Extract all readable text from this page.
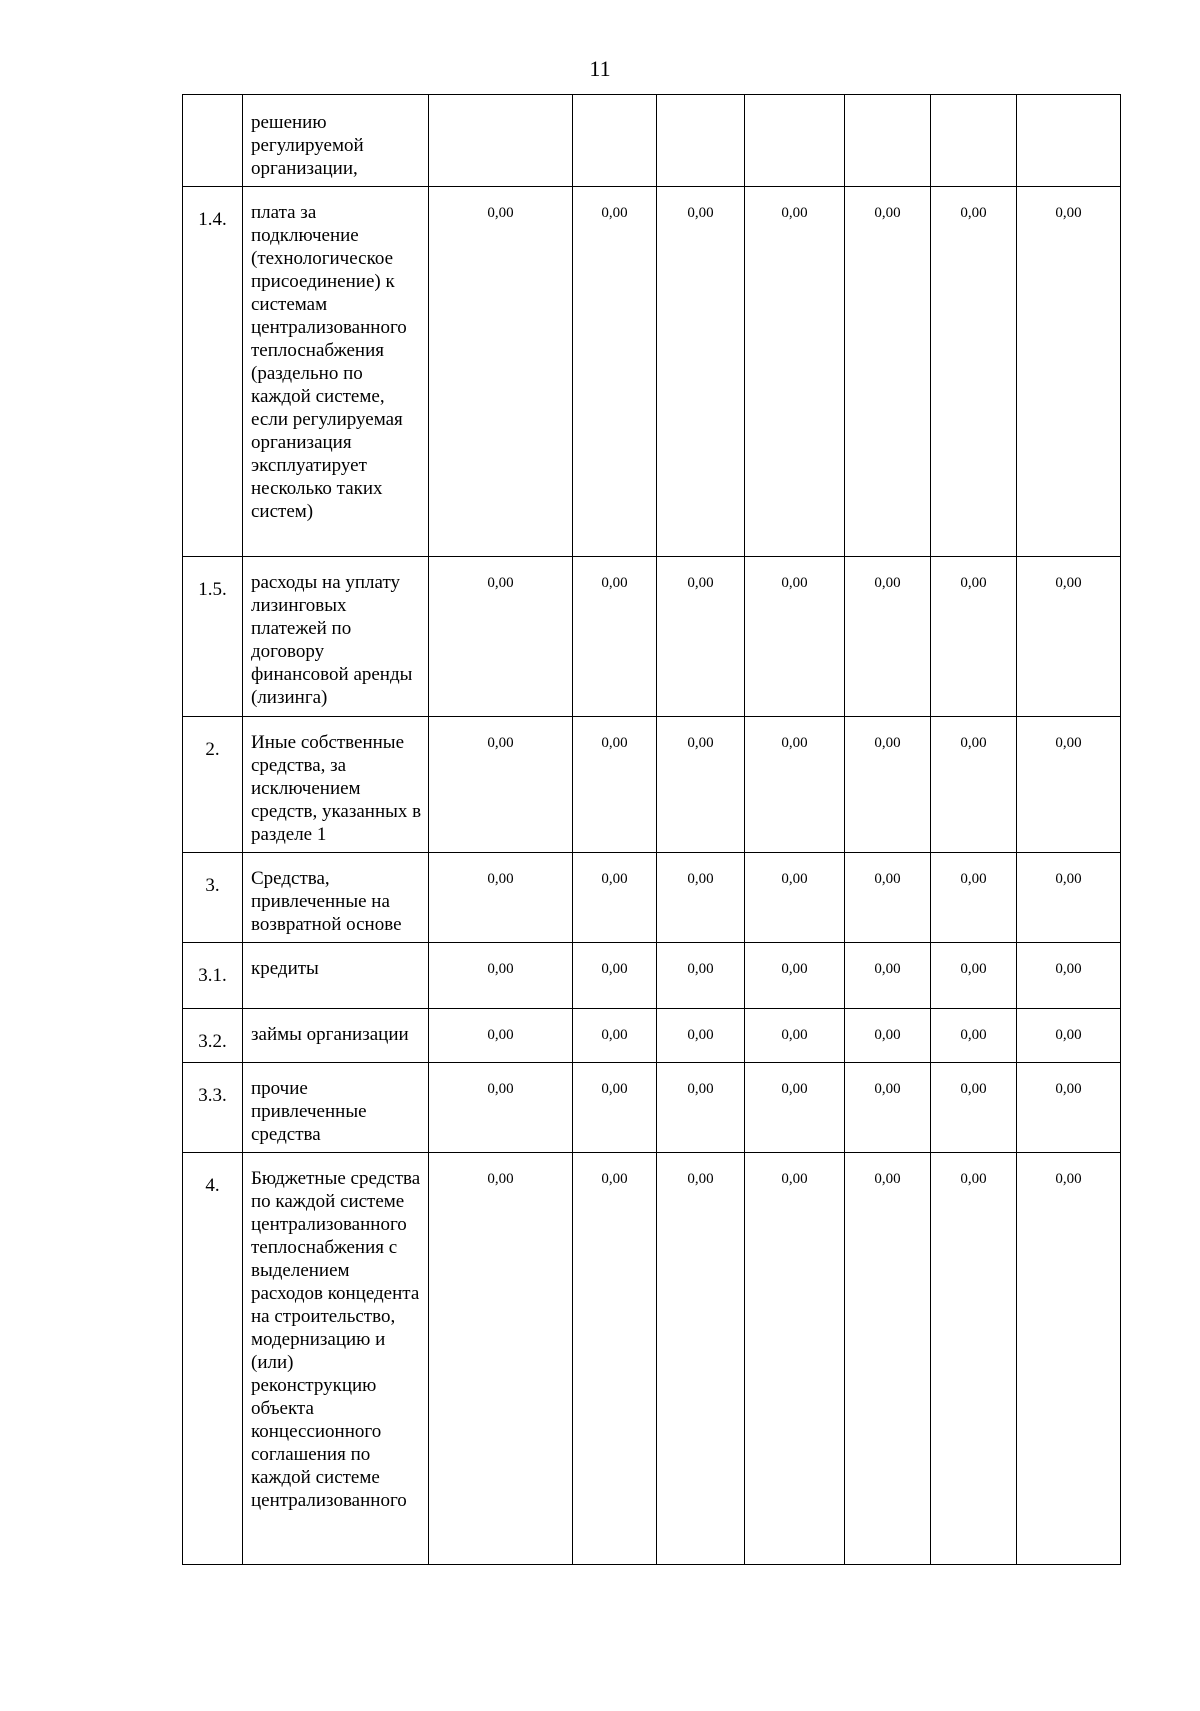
11
	решению регулируемой организации,							
1.4.	плата за подключение (технологическое присоединение) к системам централизованного теплоснабжения (раздельно по каждой системе, если регулируемая организация эксплуатирует несколько таких систем)	0,00	0,00	0,00	0,00	0,00	0,00	0,00
1.5.	расходы на уплату лизинговых платежей по договору финансовой аренды (лизинга)	0,00	0,00	0,00	0,00	0,00	0,00	0,00
2.	Иные собственные средства, за исключением средств, указанных в разделе 1	0,00	0,00	0,00	0,00	0,00	0,00	0,00
3.	Средства, привлеченные на возвратной основе	0,00	0,00	0,00	0,00	0,00	0,00	0,00
3.1.	кредиты	0,00	0,00	0,00	0,00	0,00	0,00	0,00
3.2.	займы организации	0,00	0,00	0,00	0,00	0,00	0,00	0,00
3.3.	прочие привлеченные средства	0,00	0,00	0,00	0,00	0,00	0,00	0,00
4.	Бюджетные средства по каждой системе централизованного теплоснабжения с выделением расходов концедента на строительство, модернизацию и (или) реконструкцию объекта концессионного соглашения по каждой системе централизованного	0,00	0,00	0,00	0,00	0,00	0,00	0,00
